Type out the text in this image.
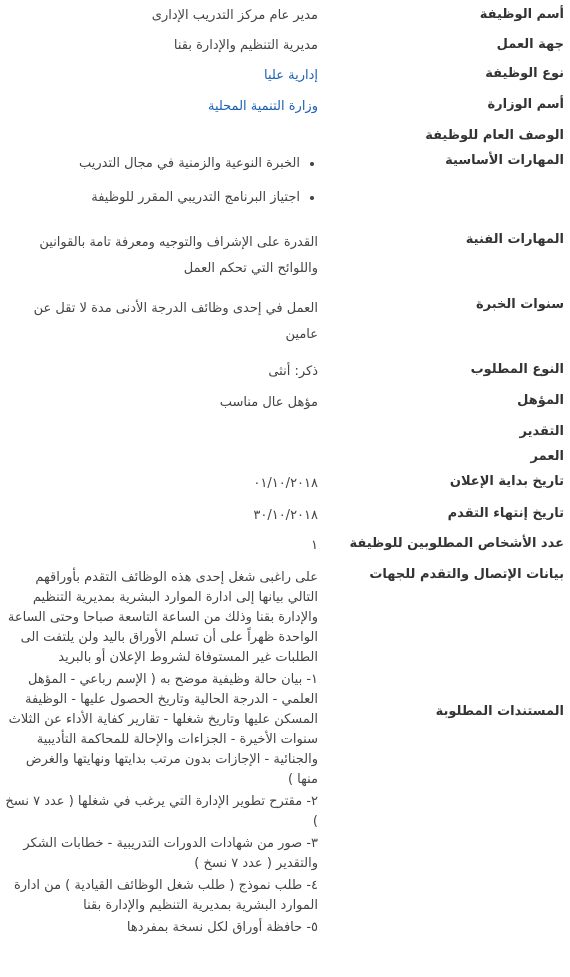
أسم الوظيفة
مدير عام مركز التدريب الإدارى
جهة العمل
مديرية التنظيم والإدارة بقنا
نوع الوظيفة
إدارية عليا
أسم الوزارة
وزارة التنمية المحلية
الوصف العام للوظيفة
المهارات الأساسية
• الخبرة النوعية والزمنية في مجال التدريب
• اجتياز البرنامج التدريبي المقرر للوظيفة
المهارات الفنية
القدرة على الإشراف والتوجيه ومعرفة تامة بالقوانين واللوائح التي تحكم العمل
سنوات الخبرة
العمل في إحدى وظائف الدرجة الأدنى مدة لا تقل عن عامين
النوع المطلوب
ذكر: أنثى
المؤهل
مؤهل عال مناسب
التقدير
العمر
تاريخ بداية الإعلان
٠١/١٠/٢٠١٨
تاريخ إنتهاء التقدم
٣٠/١٠/٢٠١٨
عدد الأشخاص المطلوبين للوظيفة
١
بيانات الإتصال والتقدم للجهات
المستندات المطلوبة

على راغبى شغل إحدى هذه الوظائف التقدم بأوراقهم التالي بيانها إلى ادارة الموارد البشرية بمديرية التنظيم والإدارة بقنا وذلك من الساعة التاسعة صباحا وحتى الساعة الواحدة ظهراً على أن تسلم الأوراق باليد ولن يلتفت الى الطلبات غير المستوفاة لشروط الإعلان أو بالبريد

١- بيان حالة وظيفية موضح به ( الإسم رباعي - المؤهل العلمي - الدرجة الحالية وتاريخ الحصول عليها - الوظيفة المسكن عليها وتاريخ شغلها - تقارير كفاية الأداء عن الثلاث سنوات الأخيرة - الجزاءات والإحالة للمحاكمة التأديبية والجنائية - الإجازات بدون مرتب بدايتها ونهايتها والغرض منها )

٢- مقترح تطوير الإدارة التي يرغب في شغلها ( عدد ٧ نسخ )

٣- صور من شهادات الدورات التدريبية - خطابات الشكر والتقدير ( عدد ٧ نسخ )

٤- طلب نموذج ( طلب شغل الوظائف القيادية ) من ادارة الموارد البشرية بمديرية التنظيم والإدارة بقنا

٥- حافظة أوراق لكل نسخة بمفردها
